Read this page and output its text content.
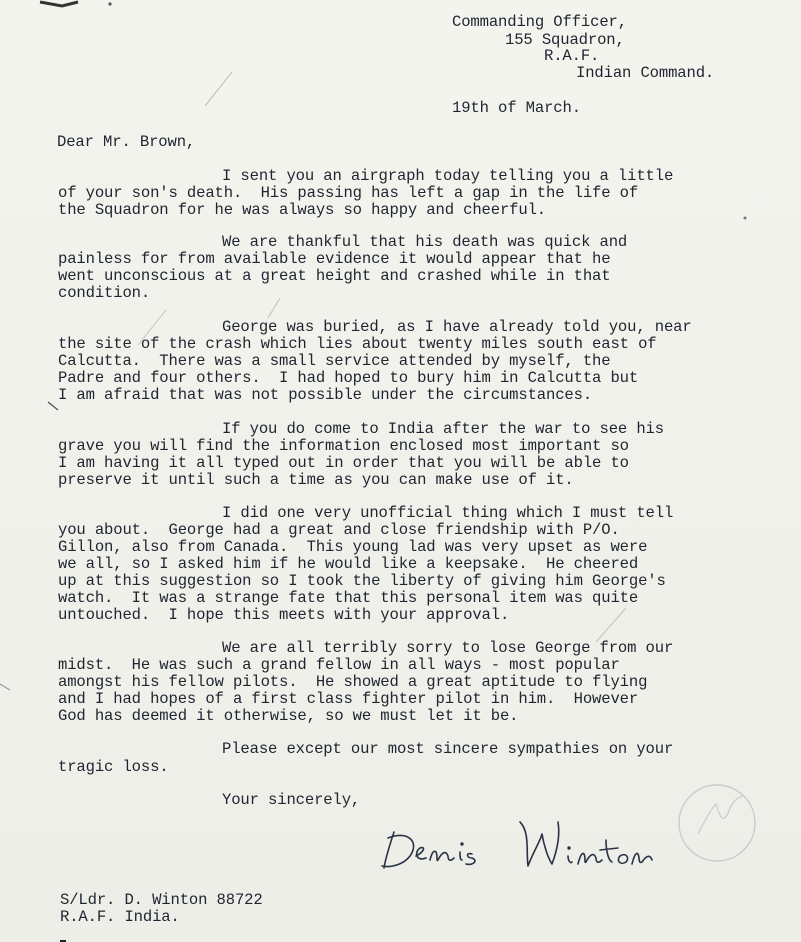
Commanding Officer,
155 Squadron,
R.A.F.
Indian Command.
19th of March.
Dear Mr. Brown,
I sent you an airgraph today telling you a little
of your son's death.  His passing has left a gap in the life of
the Squadron for he was always so happy and cheerful.
We are thankful that his death was quick and
painless for from available evidence it would appear that he
went unconscious at a great height and crashed while in that
condition.
George was buried, as I have already told you, near
the site of the crash which lies about twenty miles south east of
Calcutta.  There was a small service attended by myself, the
Padre and four others.  I had hoped to bury him in Calcutta but
I am afraid that was not possible under the circumstances.
If you do come to India after the war to see his
grave you will find the information enclosed most important so
I am having it all typed out in order that you will be able to
preserve it until such a time as you can make use of it.
I did one very unofficial thing which I must tell
you about.  George had a great and close friendship with P/O.
Gillon, also from Canada.  This young lad was very upset as were
we all, so I asked him if he would like a keepsake.  He cheered
up at this suggestion so I took the liberty of giving him George's
watch.  It was a strange fate that this personal item was quite
untouched.  I hope this meets with your approval.
We are all terribly sorry to lose George from our
midst.  He was such a grand fellow in all ways - most popular
amongst his fellow pilots.  He showed a great aptitude to flying
and I had hopes of a first class fighter pilot in him.  However
God has deemed it otherwise, so we must let it be.
Please except our most sincere sympathies on your
tragic loss.
Your sincerely,
S/Ldr. D. Winton 88722
R.A.F. India.
